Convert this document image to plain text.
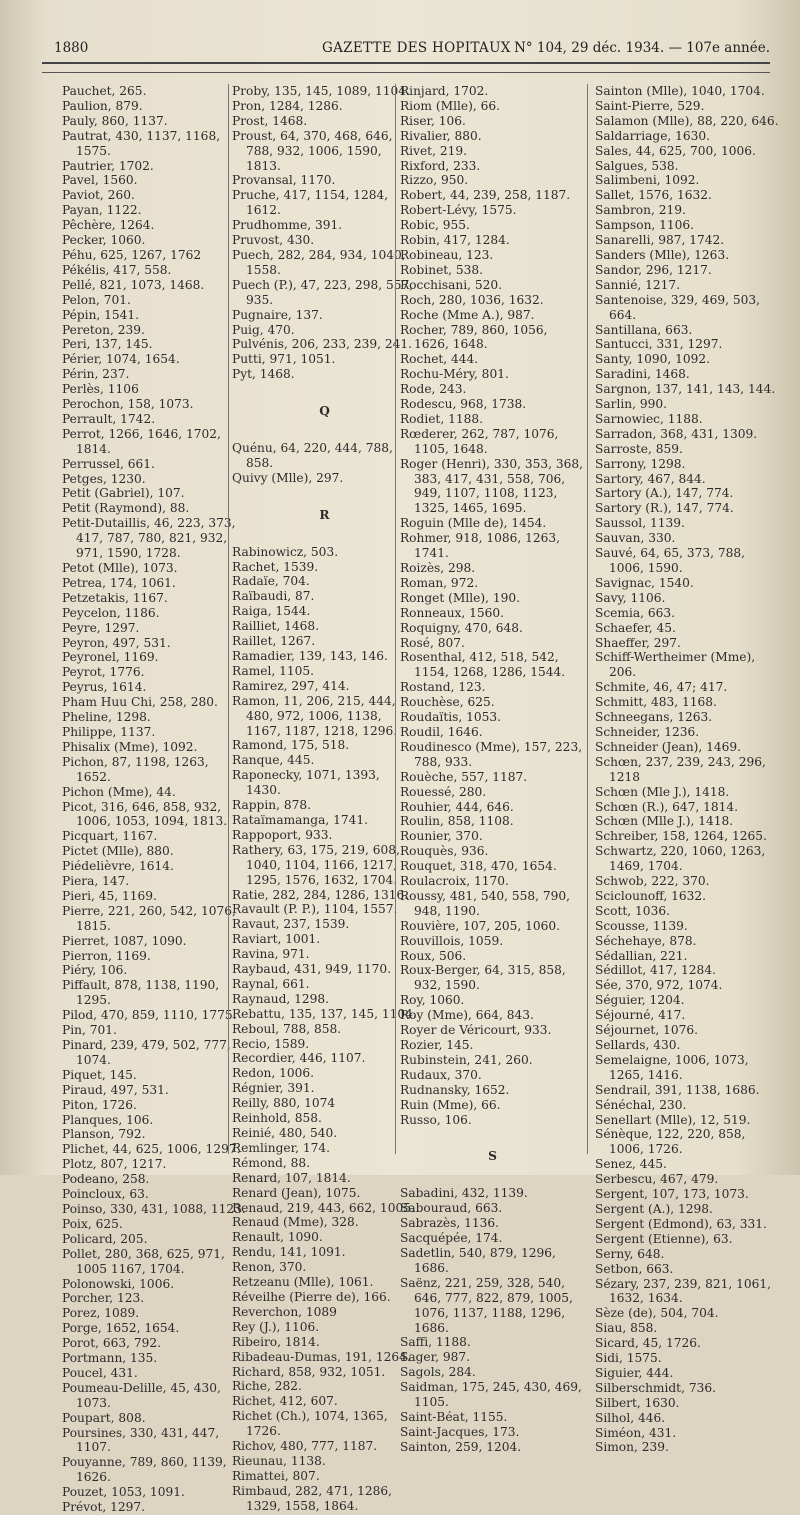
1880	GAZETTE DES HOPITAUX N° 104, 29 déc. 1934. — 107e année.
Pauchet, 265.
Paulion, 879.
Pauly, 860, 1137.
Pautrat, 430, 1137, 1168, 1575.
Pautrier, 1702.
Pavel, 1560.
Paviot, 260.
Payan, 1122.
Pêchère, 1264.
Pecker, 1060.
Péhu, 625, 1267, 1762
Pékélis, 417, 558.
Pellé, 821, 1073, 1468.
Pelon, 701.
Pépin, 1541.
Pereton, 239.
Peri, 137, 145.
Périer, 1074, 1654.
Périn, 237.
Perlès, 1106
Perochon, 158, 1073.
Perrault, 1742.
Perrot, 1266, 1646, 1702, 1814.
Perrussel, 661.
Petges, 1230.
Petit (Gabriel), 107.
Petit (Raymond), 88.
Petit-Dutaillis, 46, 223, 373, 417, 787, 780, 821, 932, 971, 1590, 1728.
Petot (Mlle), 1073.
Petrea, 174, 1061.
Petzetakis, 1167.
Peycelon, 1186.
Peyre, 1297.
Peyron, 497, 531.
Peyronel, 1169.
Peyrot, 1776.
Peyrus, 1614.
Pham Huu Chi, 258, 280.
Pheline, 1298.
Philippe, 1137.
Phisalix (Mme), 1092.
Pichon, 87, 1198, 1263, 1652.
Pichon (Mme), 44.
Picot, 316, 646, 858, 932, 1006, 1053, 1094, 1813.
Picquart, 1167.
Pictet (Mlle), 880.
Piédelièvre, 1614.
Piera, 147.
Pieri, 45, 1169.
Pierre, 221, 260, 542, 1076, 1815.
Pierret, 1087, 1090.
Pierron, 1169.
Piéry, 106.
Piffault, 878, 1138, 1190, 1295.
Pilod, 470, 859, 1110, 1775.
Pin, 701.
Pinard, 239, 479, 502, 777, 1074.
Piquet, 145.
Piraud, 497, 531.
Piton, 1726.
Planques, 106.
Planson, 792.
Plichet, 44, 625, 1006, 1297.
Plotz, 807, 1217.
Podeano, 258.
Poincloux, 63.
Poinso, 330, 431, 1088, 1123.
Poix, 625.
Policard, 205.
Pollet, 280, 368, 625, 971, 1005 1167, 1704.
Polonowski, 1006.
Porcher, 123.
Porez, 1089.
Porge, 1652, 1654.
Porot, 663, 792.
Portmann, 135.
Poucel, 431.
Poumeau-Delille, 45, 430, 1073.
Poupart, 808.
Poursines, 330, 431, 447, 1107.
Pouyanne, 789, 860, 1139, 1626.
Pouzet, 1053, 1091.
Prévot, 1297.
Proby, 135, 145, 1089, 1104.
Pron, 1284, 1286.
Prost, 1468.
Proust, 64, 370, 468, 646, 788, 932, 1006, 1590, 1813.
Provansal, 1170.
Pruche, 417, 1154, 1284, 1612.
Prudhomme, 391.
Pruvost, 430.
Puech, 282, 284, 934, 1040, 1558.
Puech (P.), 47, 223, 298, 557, 935.
Pugnaire, 137.
Puig, 470.
Pulvénis, 206, 233, 239, 241.
Putti, 971, 1051.
Pyt, 1468.
Q
Quénu, 64, 220, 444, 788, 858.
Quivy (Mlle), 297.
R
Rabinowicz, 503.
Rachet, 1539.
Radaïe, 704.
Raïbaudi, 87.
Raiga, 1544.
Railliet, 1468.
Raillet, 1267.
Ramadier, 139, 143, 146.
Ramel, 1105.
Ramirez, 297, 414.
Ramon, 11, 206, 215, 444, 480, 972, 1006, 1138, 1167, 1187, 1218, 1296.
Ramond, 175, 518.
Ranque, 445.
Raponecky, 1071, 1393, 1430.
Rappin, 878.
Rataïmamanga, 1741.
Rappoport, 933.
Rathery, 63, 175, 219, 608, 1040, 1104, 1166, 1217, 1295, 1576, 1632, 1704.
Ratie, 282, 284, 1286, 1316.
Ravault (P. P.), 1104, 1557.
Ravaut, 237, 1539.
Raviart, 1001.
Ravina, 971.
Raybaud, 431, 949, 1170.
Raynal, 661.
Raynaud, 1298.
Rebattu, 135, 137, 145, 1104.
Reboul, 788, 858.
Recio, 1589.
Recordier, 446, 1107.
Redon, 1006.
Régnier, 391.
Reilly, 880, 1074
Reinhold, 858.
Reinié, 480, 540.
Remlinger, 174.
Rémond, 88.
Renard, 107, 1814.
Renard (Jean), 1075.
Renaud, 219, 443, 662, 1005.
Renaud (Mme), 328.
Renault, 1090.
Rendu, 141, 1091.
Renon, 370.
Retzeanu (Mlle), 1061.
Réveilhe (Pierre de), 166.
Reverchon, 1089
Rey (J.), 1106.
Ribeiro, 1814.
Ribadeau-Dumas, 191, 1264.
Richard, 858, 932, 1051.
Riche, 282.
Richet, 412, 607.
Richet (Ch.), 1074, 1365, 1726.
Richov, 480, 777, 1187.
Rieunau, 1138.
Rimattei, 807.
Rimbaud, 282, 471, 1286, 1329, 1558, 1864.
Rinjard, 1702.
Riom (Mlle), 66.
Riser, 106.
Rivalier, 880.
Rivet, 219.
Rixford, 233.
Rizzo, 950.
Robert, 44, 239, 258, 1187.
Robert-Lévy, 1575.
Robic, 955.
Robin, 417, 1284.
Robineau, 123.
Robinet, 538.
Rocchisani, 520.
Roch, 280, 1036, 1632.
Roche (Mme A.), 987.
Rocher, 789, 860, 1056, 1626, 1648.
Rochet, 444.
Rochu-Méry, 801.
Rode, 243.
Rodescu, 968, 1738.
Rodiet, 1188.
Rœderer, 262, 787, 1076, 1105, 1648.
Roger (Henri), 330, 353, 368, 383, 417, 431, 558, 706, 949, 1107, 1108, 1123, 1325, 1465, 1695.
Roguin (Mlle de), 1454.
Rohmer, 918, 1086, 1263, 1741.
Roizès, 298.
Roman, 972.
Ronget (Mlle), 190.
Ronneaux, 1560.
Roquigny, 470, 648.
Rosé, 807.
Rosenthal, 412, 518, 542, 1154, 1268, 1286, 1544.
Rostand, 123.
Rouchèse, 625.
Roudaïtis, 1053.
Roudil, 1646.
Roudinesco (Mme), 157, 223, 788, 933.
Rouèche, 557, 1187.
Rouessé, 280.
Rouhier, 444, 646.
Roulin, 858, 1108.
Rounier, 370.
Rouquès, 936.
Rouquet, 318, 470, 1654.
Roulacroix, 1170.
Roussy, 481, 540, 558, 790, 948, 1190.
Rouvière, 107, 205, 1060.
Rouvillois, 1059.
Roux, 506.
Roux-Berger, 64, 315, 858, 932, 1590.
Roy, 1060.
Roy (Mme), 664, 843.
Royer de Véricourt, 933.
Rozier, 145.
Rubinstein, 241, 260.
Rudaux, 370.
Rudnansky, 1652.
Ruin (Mme), 66.
Russo, 106.
S
Sabadini, 432, 1139.
Sabouraud, 663.
Sabrazès, 1136.
Sacquépée, 174.
Sadetlin, 540, 879, 1296, 1686.
Saënz, 221, 259, 328, 540, 646, 777, 822, 879, 1005, 1076, 1137, 1188, 1296, 1686.
Saffi, 1188.
Sager, 987.
Sagols, 284.
Saidman, 175, 245, 430, 469, 1105.
Saint-Béat, 1155.
Saint-Jacques, 173.
Sainton, 259, 1204.
Sainton (Mlle), 1040, 1704.
Saint-Pierre, 529.
Salamon (Mlle), 88, 220, 646.
Saldarriage, 1630.
Sales, 44, 625, 700, 1006.
Salgues, 538.
Salimbeni, 1092.
Sallet, 1576, 1632.
Sambron, 219.
Sampson, 1106.
Sanarelli, 987, 1742.
Sanders (Mlle), 1263.
Sandor, 296, 1217.
Sannié, 1217.
Santenoise, 329, 469, 503, 664.
Santillana, 663.
Santucci, 331, 1297.
Santy, 1090, 1092.
Saradini, 1468.
Sargnon, 137, 141, 143, 144.
Sarlin, 990.
Sarnowiec, 1188.
Sarradon, 368, 431, 1309.
Sarroste, 859.
Sarrony, 1298.
Sartory, 467, 844.
Sartory (A.), 147, 774.
Sartory (R.), 147, 774.
Saussol, 1139.
Sauvan, 330.
Sauvé, 64, 65, 373, 788, 1006, 1590.
Savignac, 1540.
Savy, 1106.
Scemia, 663.
Schaefer, 45.
Shaeffer, 297.
Schiff-Wertheimer (Mme), 206.
Schmite, 46, 47; 417.
Schmitt, 483, 1168.
Schneegans, 1263.
Schneider, 1236.
Schneider (Jean), 1469.
Schœn, 237, 239, 243, 296, 1218
Schœn (Mle J.), 1418.
Schœn (R.), 647, 1814.
Schœn (Mlle J.), 1418.
Schreiber, 158, 1264, 1265.
Schwartz, 220, 1060, 1263, 1469, 1704.
Schwob, 222, 370.
Sciclounoff, 1632.
Scott, 1036.
Scousse, 1139.
Séchehaye, 878.
Sédallian, 221.
Sédillot, 417, 1284.
Sée, 370, 972, 1074.
Séguier, 1204.
Séjourné, 417.
Séjournet, 1076.
Sellards, 430.
Semelaigne, 1006, 1073, 1265, 1416.
Sendrail, 391, 1138, 1686.
Sénéchal, 230.
Senellart (Mlle), 12, 519.
Sénèque, 122, 220, 858, 1006, 1726.
Senez, 445.
Serbescu, 467, 479.
Sergent, 107, 173, 1073.
Sergent (A.), 1298.
Sergent (Edmond), 63, 331.
Sergent (Etienne), 63.
Serny, 648.
Setbon, 663.
Sézary, 237, 239, 821, 1061, 1632, 1634.
Sèze (de), 504, 704.
Siau, 858.
Sicard, 45, 1726.
Sidi, 1575.
Siguier, 444.
Silberschmidt, 736.
Silbert, 1630.
Silhol, 446.
Siméon, 431.
Simon, 239.
